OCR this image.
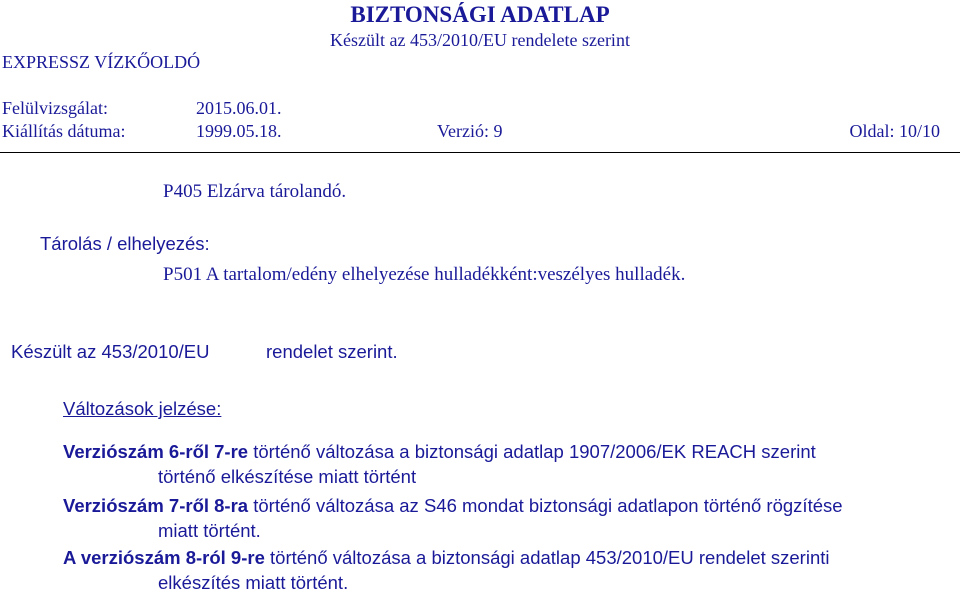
BIZTONSÁGI ADATLAP
Készült az 453/2010/EU rendelete szerint
EXPRESSZ VÍZKŐOLDÓ
Felülvizsgálat:	2015.06.01.
Kiállítás dátuma:	1999.05.18.	Verzió: 9	Oldal: 10/10
P405 Elzárva tárolandó.
Tárolás / elhelyezés:
P501 A tartalom/edény elhelyezése hulladékként:veszélyes hulladék.
Készült az 453/2010/EU	rendelet szerint.
Változások jelzése:
Verziószám 6-ről 7-re történő változása a biztonsági adatlap 1907/2006/EK REACH szerint
történő elkészítése miatt történt
Verziószám 7-ről 8-ra történő változása az S46 mondat biztonsági adatlapon történő rögzítése
miatt történt.
A verziószám 8-ról 9-re történő változása a biztonsági adatlap 453/2010/EU rendelet szerinti
elkészítés miatt történt.
